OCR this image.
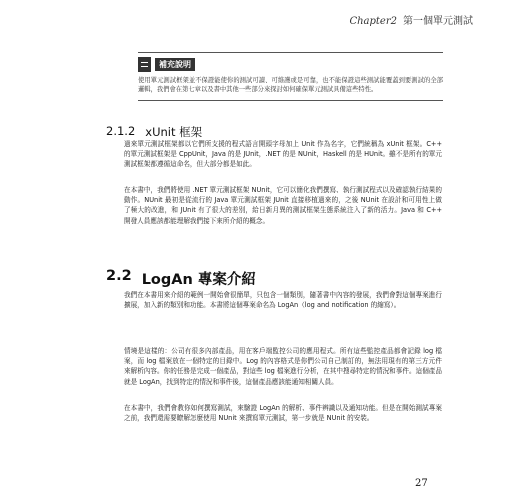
Chapter2 第一個單元測試
補充說明
使用單元測試框架並不保證能使你的測試可讀、可維護或是可靠，也不能保證這些測試能覆蓋到要測試的全部邏輯，我們會在第七章以及書中其他一些部分來探討如何確保單元測試具備這些特性。
2.1.2 xUnit 框架
過來單元測試框架都以它們所支援的程式語言開頭字母加上 Unit 作為名字，它們統稱為 xUnit 框架。C++ 的單元測試框架是 CppUnit，Java 的是 JUnit，.NET 的是 NUnit，Haskell 的是 HUnit。雖不是所有的單元測試框架都遵循這命名，但大部分都是如此。
在本書中，我們將使用 .NET 單元測試框架 NUnit，它可以簡化我們撰寫、執行測試程式以及確認執行結果的動作。NUnit 最初是從流行的 Java 單元測試框架 JUnit 直接移植過來的，之後 NUnit 在設計和可用性上做了極大的改進，和 JUnit 有了很大的差別，給日新月異的測試框架生態系統注入了新的活力。Java 和 C++ 開發人員應該都能理解我們接下來所介紹的概念。
2.2 LogAn 專案介紹
我們在本書用來介紹的範例一開始會很簡單，只包含一個類別，隨著書中內容的發展，我們會對這個專案進行擴展，加入新的類別和功能。本書將這個專案命名為 LogAn（log and notification 的縮寫）。
情境是這樣的：公司有很多內部產品，用在客戶端監控公司的應用程式。所有這些監控產品都會記錄 log 檔案，而 log 檔案放在一個特定的目錄中。Log 的內容格式是你們公司自己制訂的，無法用現有的第三方元件來解析內容。你的任務是完成一個產品，對這些 log 檔案進行分析，在其中搜尋特定的情況和事件。這個產品就是 LogAn，找到特定的情況和事件後，這個產品應該能通知相關人員。
在本書中，我們會教你如何撰寫測試，來驗證 LogAn 的解析、事件辨識以及通知功能。但是在開始測試專案之前，我們還需要瞭解怎麼使用 NUnit 來撰寫單元測試，第一步就是 NUnit 的安裝。
27
